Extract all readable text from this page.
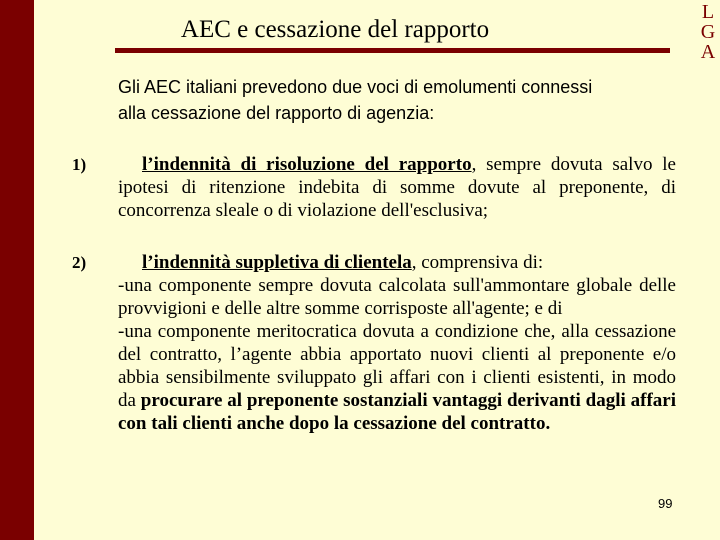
L
G
A
AEC e cessazione del rapporto
Gli AEC italiani prevedono due voci di emolumenti connessi
alla cessazione del rapporto di agenzia:
1)	l’indennità di risoluzione del rapporto, sempre dovuta salvo le ipotesi di ritenzione indebita di somme dovute al preponente, di concorrenza sleale o di violazione dell'esclusiva;
2)	l’indennità suppletiva di clientela, comprensiva di:
-una componente sempre dovuta calcolata sull'ammontare globale delle provvigioni e delle altre somme corrisposte all'agente; e di
-una componente meritocratica dovuta a condizione che, alla cessazione del contratto, l’agente abbia apportato nuovi clienti al preponente e/o abbia sensibilmente sviluppato gli affari con i clienti esistenti, in modo da procurare al preponente sostanziali vantaggi derivanti dagli affari con tali clienti anche dopo la cessazione del contratto.
99
